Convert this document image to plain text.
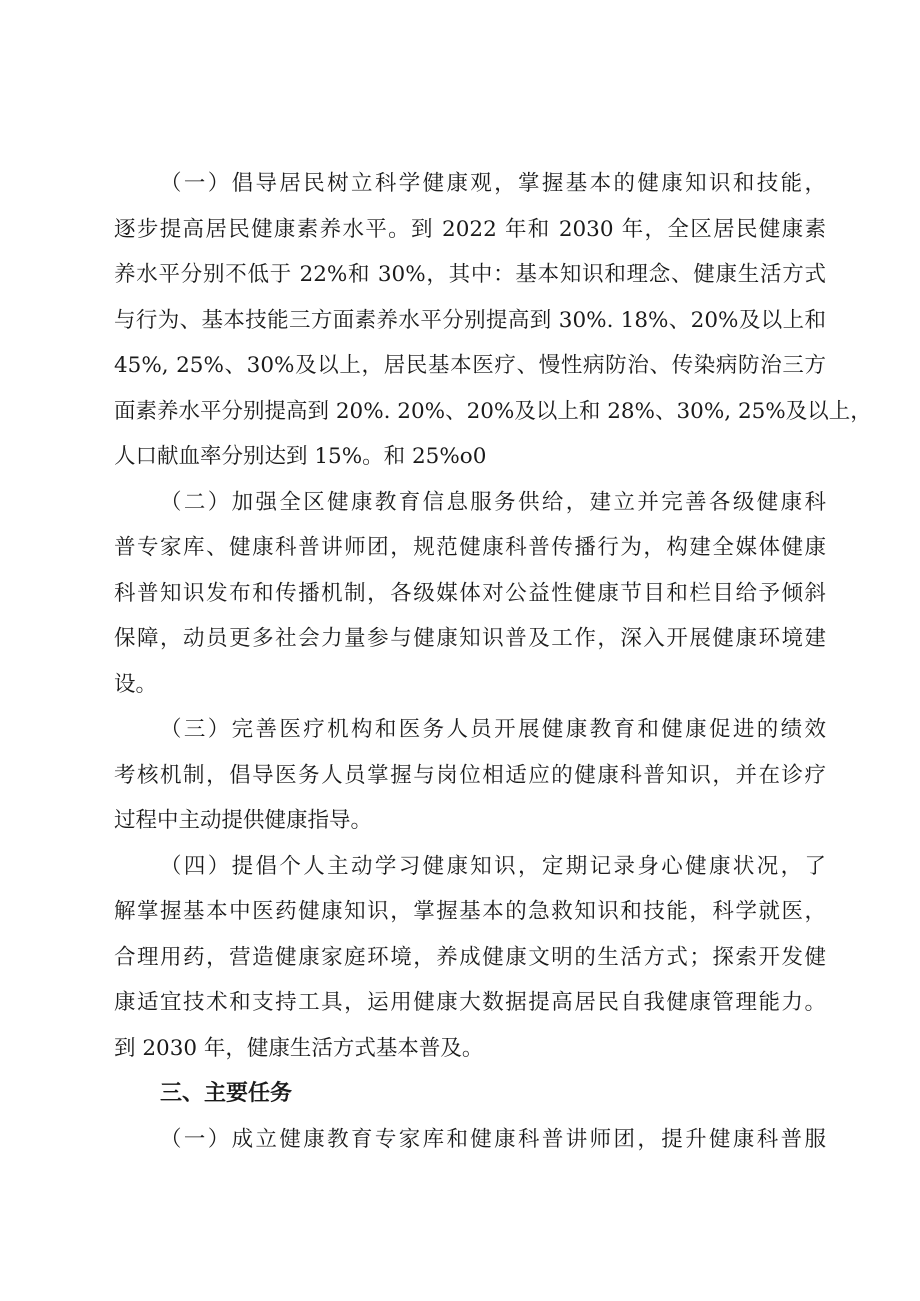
（一）倡导居民树立科学健康观，掌握基本的健康知识和技能，
逐步提高居民健康素养水平。到 2022 年和 2030 年，全区居民健康素
养水平分别不低于 22%和 30%，其中：基本知识和理念、健康生活方式
与行为、基本技能三方面素养水平分别提高到 30%. 18%、20%及以上和
45%, 25%、30%及以上，居民基本医疗、慢性病防治、传染病防治三方
面素养水平分别提高到 20%. 20%、20%及以上和 28%、30%, 25%及以上，
人口献血率分别达到 15%。和 25%o0
（二）加强全区健康教育信息服务供给，建立并完善各级健康科
普专家库、健康科普讲师团，规范健康科普传播行为，构建全媒体健康
科普知识发布和传播机制，各级媒体对公益性健康节目和栏目给予倾斜
保障，动员更多社会力量参与健康知识普及工作，深入开展健康环境建
设。
（三）完善医疗机构和医务人员开展健康教育和健康促进的绩效
考核机制，倡导医务人员掌握与岗位相适应的健康科普知识，并在诊疗
过程中主动提供健康指导。
（四）提倡个人主动学习健康知识，定期记录身心健康状况，了
解掌握基本中医药健康知识，掌握基本的急救知识和技能，科学就医，
合理用药，营造健康家庭环境，养成健康文明的生活方式；探索开发健
康适宜技术和支持工具，运用健康大数据提高居民自我健康管理能力。
到 2030 年，健康生活方式基本普及。
三、主要任务
（一）成立健康教育专家库和健康科普讲师团，提升健康科普服
